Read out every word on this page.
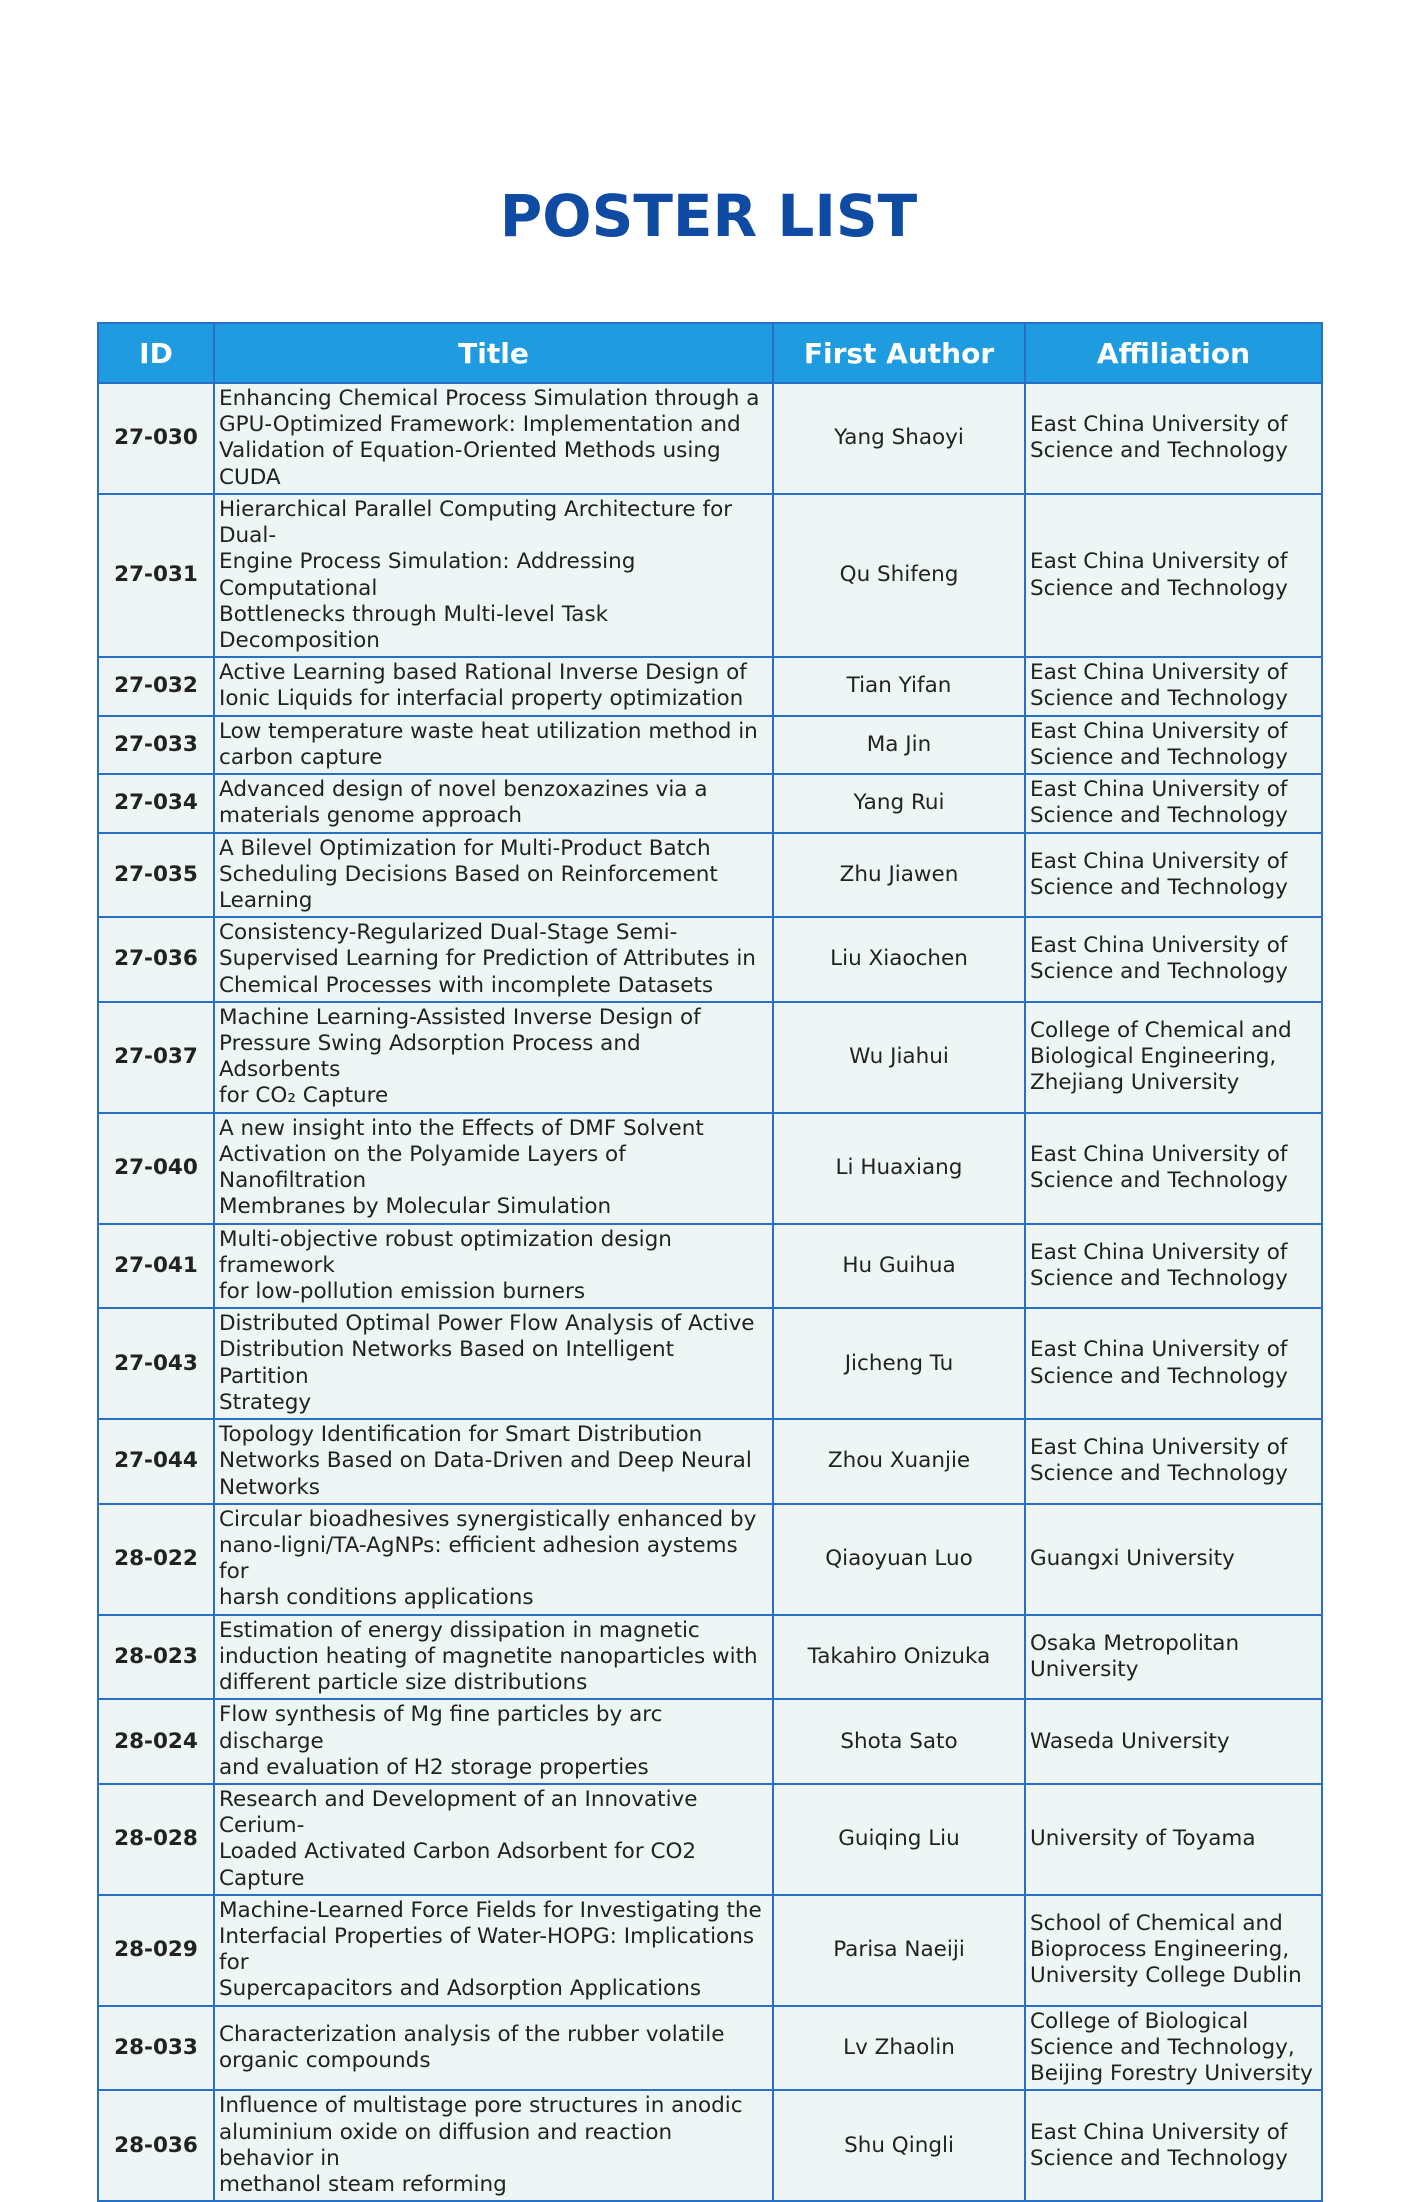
POSTER LIST
ID	Title	First Author	Affiliation
27-030	Enhancing Chemical Process Simulation through a
GPU-Optimized Framework: Implementation and
Validation of Equation-Oriented Methods using CUDA	Yang Shaoyi	East China University of
Science and Technology
27-031	Hierarchical Parallel Computing Architecture for Dual-
Engine Process Simulation: Addressing Computational
Bottlenecks through Multi-level Task Decomposition	Qu Shifeng	East China University of
Science and Technology
27-032	Active Learning based Rational Inverse Design of
Ionic Liquids for interfacial property optimization	Tian Yifan	East China University of
Science and Technology
27-033	Low temperature waste heat utilization method in
carbon capture	Ma Jin	East China University of
Science and Technology
27-034	Advanced design of novel benzoxazines via a
materials genome approach	Yang Rui	East China University of
Science and Technology
27-035	A Bilevel Optimization for Multi-Product Batch
Scheduling Decisions Based on Reinforcement
Learning	Zhu Jiawen	East China University of
Science and Technology
27-036	Consistency-Regularized Dual-Stage Semi-
Supervised Learning for Prediction of Attributes in
Chemical Processes with incomplete Datasets	Liu Xiaochen	East China University of
Science and Technology
27-037	Machine Learning-Assisted Inverse Design of
Pressure Swing Adsorption Process and Adsorbents
for CO₂ Capture	Wu Jiahui	College of Chemical and
Biological Engineering,
Zhejiang University
27-040	A new insight into the Effects of DMF Solvent
Activation on the Polyamide Layers of Nanofiltration
Membranes by Molecular Simulation	Li Huaxiang	East China University of
Science and Technology
27-041	Multi-objective robust optimization design framework
for low-pollution emission burners	Hu Guihua	East China University of
Science and Technology
27-043	Distributed Optimal Power Flow Analysis of Active
Distribution Networks Based on Intelligent Partition
Strategy	Jicheng Tu	East China University of
Science and Technology
27-044	Topology Identification for Smart Distribution
Networks Based on Data-Driven and Deep Neural
Networks	Zhou Xuanjie	East China University of
Science and Technology
28-022	Circular bioadhesives synergistically enhanced by
nano-ligni/TA-AgNPs: efficient adhesion aystems for
harsh conditions applications	Qiaoyuan Luo	Guangxi University
28-023	Estimation of energy dissipation in magnetic
induction heating of magnetite nanoparticles with
different particle size distributions	Takahiro Onizuka	Osaka Metropolitan
University
28-024	Flow synthesis of Mg fine particles by arc discharge
and evaluation of H2 storage properties	Shota Sato	Waseda University
28-028	Research and Development of an Innovative Cerium-
Loaded Activated Carbon Adsorbent for CO2 Capture	Guiqing Liu	University of Toyama
28-029	Machine-Learned Force Fields for Investigating the
Interfacial Properties of Water-HOPG: Implications for
Supercapacitors and Adsorption Applications	Parisa Naeiji	School of Chemical and
Bioprocess Engineering,
University College Dublin
28-033	Characterization analysis of the rubber volatile
organic compounds	Lv Zhaolin	College of Biological
Science and Technology,
Beijing Forestry University
28-036	Influence of multistage pore structures in anodic
aluminium oxide on diffusion and reaction behavior in
methanol steam reforming	Shu Qingli	East China University of
Science and Technology
